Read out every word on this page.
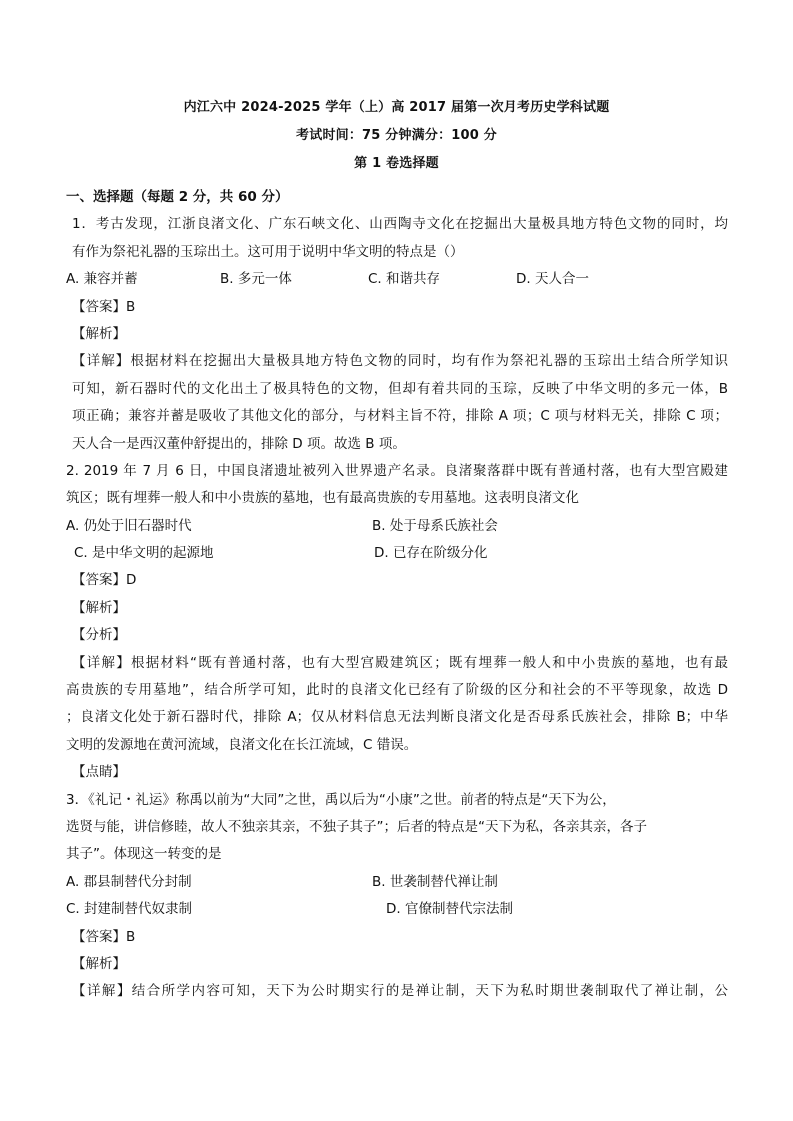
内江六中 2024-2025 学年（上）高 2017 届第一次月考历史学科试题
考试时间：75 分钟满分：100 分
第 1 卷选择题
一、选择题（每题 2 分，共 60 分）
1．考古发现，江浙良渚文化、广东石峡文化、山西陶寺文化在挖掘出大量极具地方特色文物的同时，均
有作为祭祀礼器的玉琮出土。这可用于说明中华文明的特点是（）
A. 兼容并蓄	B. 多元一体	C. 和谐共存	D. 天人合一
【答案】B
【解析】
【详解】根据材料在挖掘出大量极具地方特色文物的同时，均有作为祭祀礼器的玉琮出土结合所学知识
可知，新石器时代的文化出土了极具特色的文物，但却有着共同的玉琮，反映了中华文明的多元一体，B
项正确；兼容并蓄是吸收了其他文化的部分，与材料主旨不符，排除 A 项；C 项与材料无关，排除 C 项；
天人合一是西汉董仲舒提出的，排除 D 项。故选 B 项。
2. 2019 年 7 月 6 日，中国良渚遗址被列入世界遗产名录。良渚聚落群中既有普通村落，也有大型宫殿建
筑区；既有埋葬一般人和中小贵族的墓地，也有最高贵族的专用墓地。这表明良渚文化
A. 仍处于旧石器时代	B. 处于母系氏族社会
C. 是中华文明的起源地	D. 已存在阶级分化
【答案】D
【解析】
【分析】
【详解】根据材料“既有普通村落，也有大型宫殿建筑区；既有埋葬一般人和中小贵族的墓地，也有最
高贵族的专用墓地”，结合所学可知，此时的良渚文化已经有了阶级的区分和社会的不平等现象，故选 D
；良渚文化处于新石器时代，排除 A；仅从材料信息无法判断良渚文化是否母系氏族社会，排除 B；中华
文明的发源地在黄河流域，良渚文化在长江流域，C 错误。
【点睛】
3．《礼记・礼运》称禹以前为“大同”之世，禹以后为“小康”之世。前者的特点是“天下为公，
选贤与能，讲信修睦，故人不独亲其亲，不独子其子”；后者的特点是“天下为私，各亲其亲，各子
其子”。体现这一转变的是
A. 郡县制替代分封制	B. 世袭制替代禅让制
C. 封建制替代奴隶制	D. 官僚制替代宗法制
【答案】B
【解析】
【详解】结合所学内容可知，天下为公时期实行的是禅让制，天下为私时期世袭制取代了禅让制，公
